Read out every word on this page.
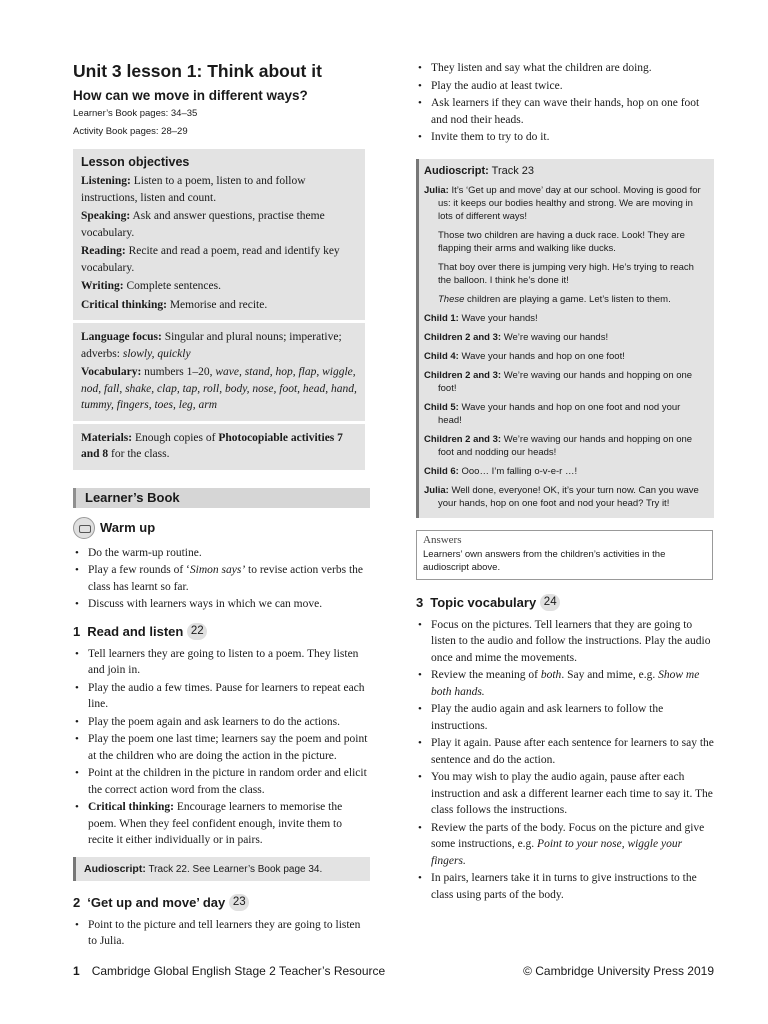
Unit 3 lesson 1: Think about it
How can we move in different ways?
Learner’s Book pages: 34–35
Activity Book pages: 28–29
Lesson objectives
Listening: Listen to a poem, listen to and follow instructions, listen and count.
Speaking: Ask and answer questions, practise theme vocabulary.
Reading: Recite and read a poem, read and identify key vocabulary.
Writing: Complete sentences.
Critical thinking: Memorise and recite.
Language focus: Singular and plural nouns; imperative; adverbs: slowly, quickly
Vocabulary: numbers 1–20, wave, stand, hop, flap, wiggle, nod, fall, shake, clap, tap, roll, body, nose, foot, head, hand, tummy, fingers, toes, leg, arm
Materials: Enough copies of Photocopiable activities 7 and 8 for the class.
Learner’s Book
Warm up
• Do the warm-up routine.
• Play a few rounds of ‘Simon says’ to revise action verbs the class has learnt so far.
• Discuss with learners ways in which we can move.
1 Read and listen 22
• Tell learners they are going to listen to a poem. They listen and join in.
• Play the audio a few times. Pause for learners to repeat each line.
• Play the poem again and ask learners to do the actions.
• Play the poem one last time; learners say the poem and point at the children who are doing the action in the picture.
• Point at the children in the picture in random order and elicit the correct action word from the class.
• Critical thinking: Encourage learners to memorise the poem. When they feel confident enough, invite them to recite it either individually or in pairs.
Audioscript: Track 22. See Learner’s Book page 34.
2 ‘Get up and move’ day 23
• Point to the picture and tell learners they are going to listen to Julia.
• They listen and say what the children are doing.
• Play the audio at least twice.
• Ask learners if they can wave their hands, hop on one foot and nod their heads.
• Invite them to try to do it.
Audioscript: Track 23
Julia: It’s ‘Get up and move’ day at our school. Moving is good for us: it keeps our bodies healthy and strong. We are moving in lots of different ways!
Those two children are having a duck race. Look! They are flapping their arms and walking like ducks.
That boy over there is jumping very high. He’s trying to reach the balloon. I think he’s done it!
These children are playing a game. Let’s listen to them.
Child 1: Wave your hands!
Children 2 and 3: We’re waving our hands!
Child 4: Wave your hands and hop on one foot!
Children 2 and 3: We’re waving our hands and hopping on one foot!
Child 5: Wave your hands and hop on one foot and nod your head!
Children 2 and 3: We’re waving our hands and hopping on one foot and nodding our heads!
Child 6: Ooo… I’m falling o-v-e-r …!
Julia: Well done, everyone! OK, it’s your turn now. Can you wave your hands, hop on one foot and nod your head? Try it!
Answers
Learners’ own answers from the children’s activities in the audioscript above.
3 Topic vocabulary 24
• Focus on the pictures. Tell learners that they are going to listen to the audio and follow the instructions. Play the audio once and mime the movements.
• Review the meaning of both. Say and mime, e.g. Show me both hands.
• Play the audio again and ask learners to follow the instructions.
• Play it again. Pause after each sentence for learners to say the sentence and do the action.
• You may wish to play the audio again, pause after each instruction and ask a different learner each time to say it. The class follows the instructions.
• Review the parts of the body. Focus on the picture and give some instructions, e.g. Point to your nose, wiggle your fingers.
• In pairs, learners take it in turns to give instructions to the class using parts of the body.
1 Cambridge Global English Stage 2 Teacher’s Resource	© Cambridge University Press 2019
